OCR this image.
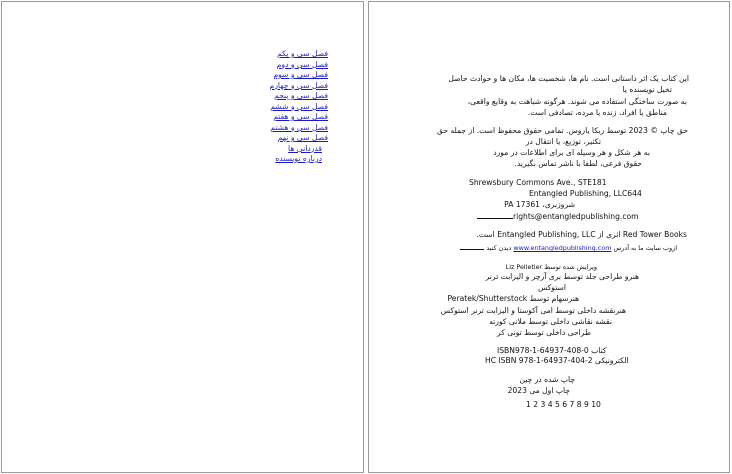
فصل سی و یکم
فصل سی و دوم
فصل سی و سوم
فصل سی و چهارم
فصل سی و پنجم
فصل سی و ششم
فصل سی و هفتم
فصل سی و هشتم
فصل سی و نهم
قدردانی ها
درباره نویسنده
این کتاب یک اثر داستانی است. نام ها، شخصیت ها، مکان ها و حوادث حاصل
تخیل نویسنده یا
به صورت ساختگی استفاده می شوند. هرگونه شباهت به وقایع واقعی،
مناطق یا افراد، زنده یا مرده، تصادفی است.
حق چاپ © 2023 توسط ربکا یاروس. تمامی حقوق محفوظ است. از جمله حق
تکثیر، توزیع، یا انتقال در
به هر شکل و هر وسیله ای برای اطلاعات در مورد
حقوق فرعی، لطفا با ناشر تماس بگیرید.
Shrewsbury Commons Ave., STE181
Entangled Publishing, LLC644
شروزبری، PA 17361
rights@entangledpublishing.com
Red Tower Books اثری از Entangled Publishing, LLC است.
ازوب سایت ما به آدرس www.entangledpublishing.com دیدن کنید
ویرایش شده توسط Liz Pelletier
هنرو طراحی جلد توسط بری آرچر و الیزابت ترنر
استوکس
هنرسهام توسط Peratek/Shutterstock
هنرنقشه داخلی توسط امی آکوستا و الیزابت ترنر استوکس
نقشه نقاشی داخلی توسط ملانی کورته
طراحی داخلی توسط تونی کر
ISBN978-1-64937-408-0 کتاب
HC ISBN 978-1-64937-404-2 الکترونیکی
چاپ شده در چین
چاپ اول می 2023
1 2 3 4 5 6 7 8 9 10
